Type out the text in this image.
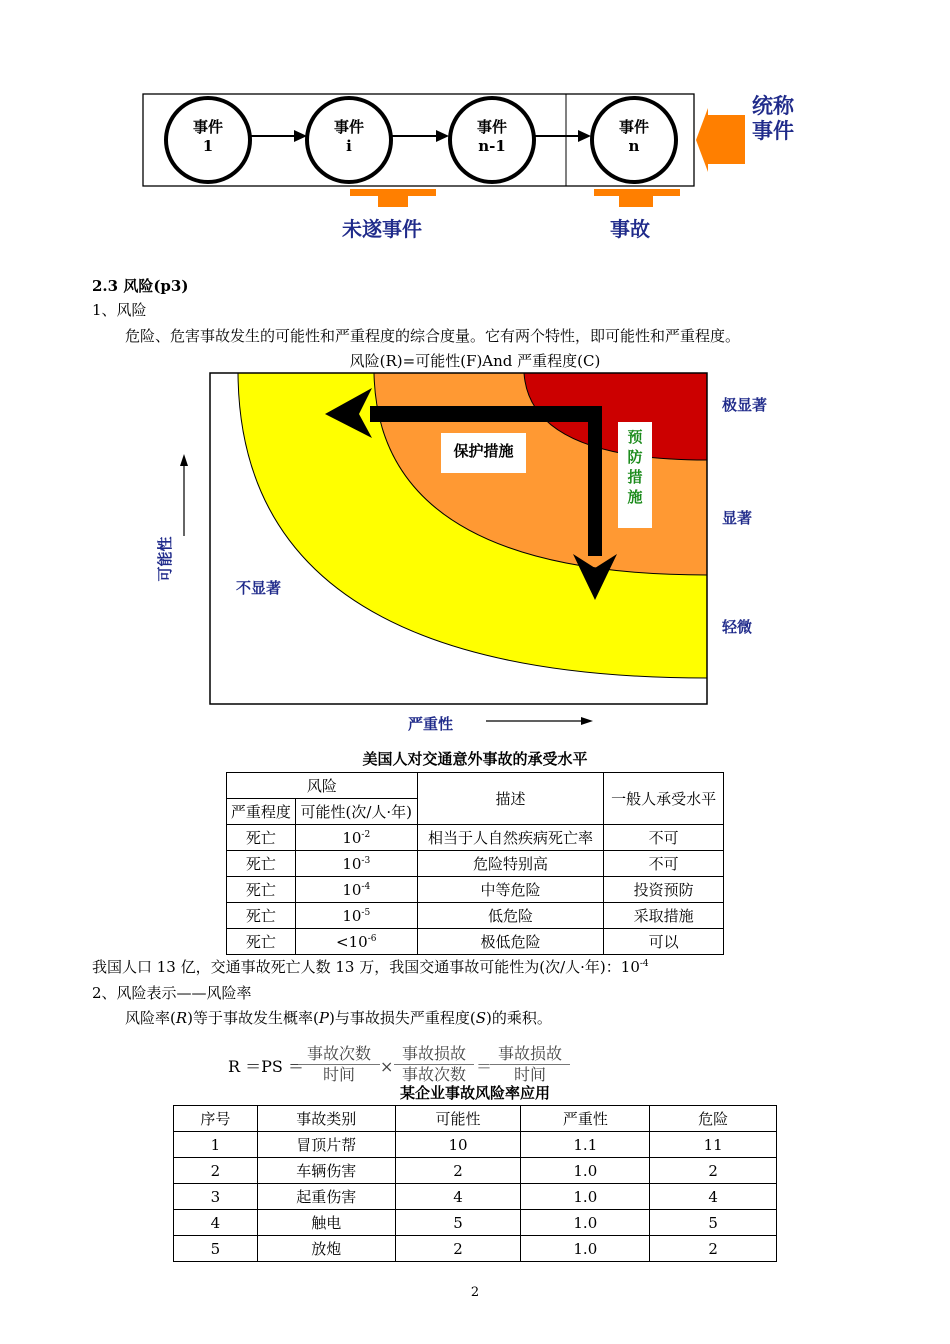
事件
1
事件
i
事件
n-1
事件
n
统称
事件
未遂事件	事故
2.3 风险(p3)
1、风险
危险、危害事故发生的可能性和严重程度的综合度量。它有两个特性，即可能性和严重程度。
风险(R)=可能性(F)And 严重程度(C)
保护措施
预
防
措
施
极显著
显著
轻微
不显著
可能性
严重性
美国人对交通意外事故的承受水平
风险		描述	一般人承受水平
严重程度	可能性(次/人·年)		
死亡	$10^{-2}$	相当于人自然疾病死亡率	不可
死亡	$10^{-3}$	危险特别高	不可
死亡	$10^{-4}$	中等危险	投资预防
死亡	$10^{-5}$	低危险	采取措施
死亡	$<10^{-6}$	极低危险	可以
我国人口 13 亿，交通事故死亡人数 13 万，我国交通事故可能性为(次/人·年)：$10^{-4}$
2、风险表示——风险率
风险率(R)等于事故发生概率(P)与事故损失严重程度(S)的乘积。
R ＝PS ＝
事故次数
时间	×
事故损故
事故次数 ＝
事故损故
时间
某企业事故风险率应用
序号	事故类别	可能性	严重性	危险
1	冒顶片帮	10	1.1	11
2	车辆伤害	2	1.0	2
3	起重伤害	4	1.0	4
4	触电	5	1.0	5
5	放炮	2	1.0	2
2
